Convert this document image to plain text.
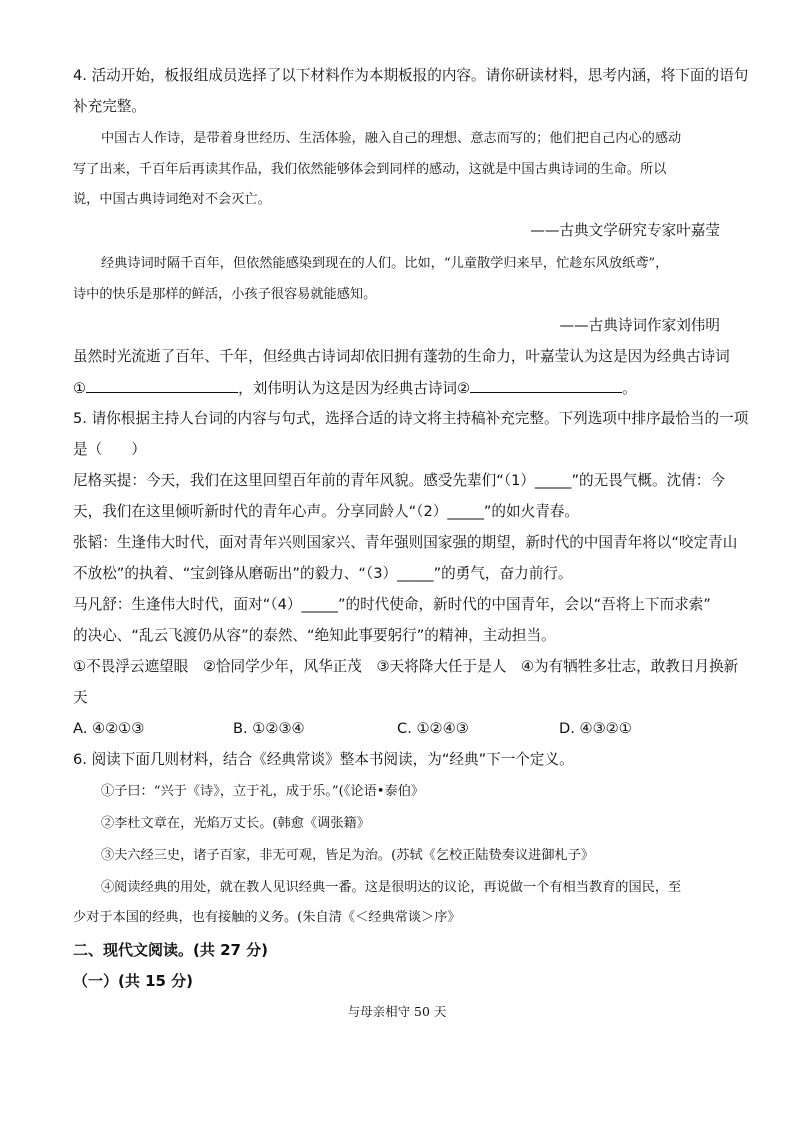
4. 活动开始，板报组成员选择了以下材料作为本期板报的内容。请你研读材料，思考内涵，将下面的语句
补充完整。
中国古人作诗，是带着身世经历、生活体验，融入自己的理想、意志而写的；他们把自己内心的感动
写了出来，千百年后再读其作品，我们依然能够体会到同样的感动，这就是中国古典诗词的生命。所以
说，中国古典诗词绝对不会灭亡。
——古典文学研究专家叶嘉莹
经典诗词时隔千百年，但依然能感染到现在的人们。比如，“儿童散学归来早，忙趁东风放纸鸢”，
诗中的快乐是那样的鲜活，小孩子很容易就能感知。
——古典诗词作家刘伟明
虽然时光流逝了百年、千年，但经典古诗词却依旧拥有蓬勃的生命力，叶嘉莹认为这是因为经典古诗词
①	，刘伟明认为这是因为经典古诗词②	。
5. 请你根据主持人台词的内容与句式，选择合适的诗文将主持稿补充完整。下列选项中排序最恰当的一项
是（　　）
尼格买提：今天，我们在这里回望百年前的青年风貌。感受先辈们“（1）_____”的无畏气概。沈倩：今
天，我们在这里倾听新时代的青年心声。分享同龄人“（2）_____”的如火青春。
张韬：生逢伟大时代，面对青年兴则国家兴、青年强则国家强的期望，新时代的中国青年将以“咬定青山
不放松”的执着、“宝剑锋从磨砺出”的毅力、“（3）_____”的勇气，奋力前行。
马凡舒：生逢伟大时代，面对“（4）_____”的时代使命，新时代的中国青年，会以“吾将上下而求索”
的决心、“乱云飞渡仍从容”的泰然、“绝知此事要躬行”的精神，主动担当。
①不畏浮云遮望眼　②恰同学少年，风华正茂　③天将降大任于是人　④为有牺牲多壮志，敢教日月换新
天
A. ④②①③	B. ①②③④	C. ①②④③	D. ④③②①
6. 阅读下面几则材料，结合《经典常谈》整本书阅读，为“经典”下一个定义。
①子曰：“兴于《诗》，立于礼，成于乐。”(《论语•泰伯》
②李杜文章在，光焰万丈长。(韩愈《调张籍》
③夫六经三史，诸子百家，非无可观，皆足为治。(苏轼《乞校正陆贽奏议进御札子》
④阅读经典的用处，就在教人见识经典一番。这是很明达的议论，再说做一个有相当教育的国民，至
少对于本国的经典，也有接触的义务。(朱自清《＜经典常谈＞序》
二、现代文阅读。(共 27 分)
（一）(共 15 分)
与母亲相守 50 天
